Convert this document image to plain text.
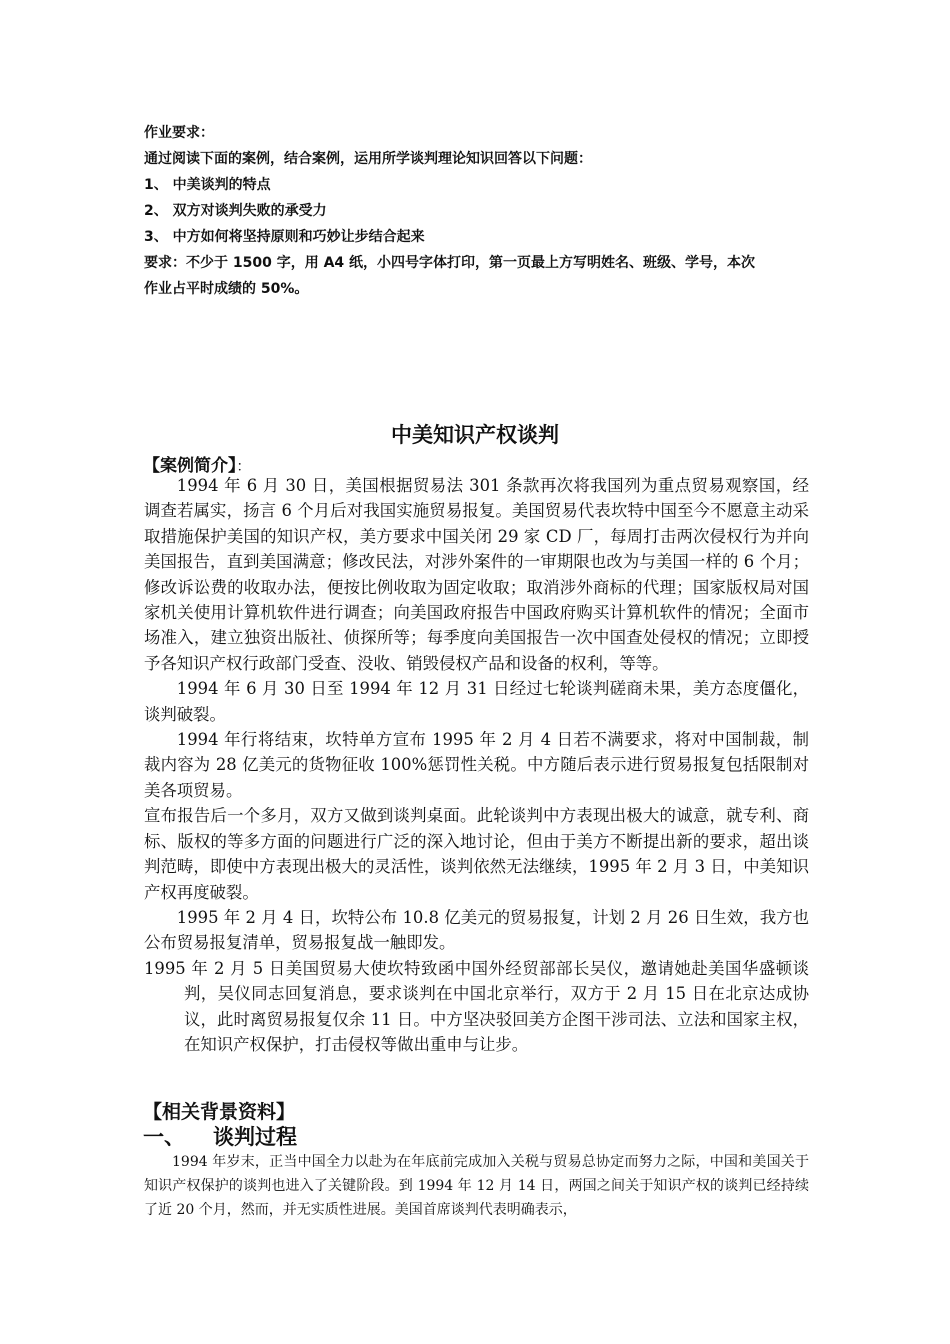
作业要求：
通过阅读下面的案例，结合案例，运用所学谈判理论知识回答以下问题：
1、 中美谈判的特点
2、 双方对谈判失败的承受力
3、 中方如何将坚持原则和巧妙让步结合起来
要求：不少于 1500 字，用 A4 纸，小四号字体打印，第一页最上方写明姓名、班级、学号，本次
作业占平时成绩的 50%。
中美知识产权谈判
【案例简介】：

1994 年 6 月 30 日，美国根据贸易法 301 条款再次将我国列为重点贸易观察国，经调查若属实，扬言 6 个月后对我国实施贸易报复。美国贸易代表坎特中国至今不愿意主动采取措施保护美国的知识产权，美方要求中国关闭 29 家 CD 厂，每周打击两次侵权行为并向美国报告，直到美国满意；修改民法，对涉外案件的一审期限也改为与美国一样的 6 个月；修改诉讼费的收取办法，便按比例收取为固定收取；取消涉外商标的代理；国家版权局对国家机关使用计算机软件进行调查；向美国政府报告中国政府购买计算机软件的情况；全面市场准入，建立独资出版社、侦探所等；每季度向美国报告一次中国查处侵权的情况；立即授予各知识产权行政部门受查、没收、销毁侵权产品和设备的权利，等等。

1994 年 6 月 30 日至 1994 年 12 月 31 日经过七轮谈判磋商未果，美方态度僵化，谈判破裂。

1994 年行将结束，坎特单方宣布 1995 年 2 月 4 日若不满要求，将对中国制裁，制裁内容为 28 亿美元的货物征收 100%惩罚性关税。中方随后表示进行贸易报复包括限制对美各项贸易。

宣布报告后一个多月，双方又做到谈判桌面。此轮谈判中方表现出极大的诚意，就专利、商标、版权的等多方面的问题进行广泛的深入地讨论，但由于美方不断提出新的要求，超出谈判范畴，即使中方表现出极大的灵活性，谈判依然无法继续，1995 年 2 月 3 日，中美知识产权再度破裂。

1995 年 2 月 4 日，坎特公布 10.8 亿美元的贸易报复，计划 2 月 26 日生效，我方也公布贸易报复清单，贸易报复战一触即发。

1995 年 2 月 5 日美国贸易大使坎特致函中国外经贸部部长吴仪，邀请她赴美国华盛顿谈判，吴仪同志回复消息，要求谈判在中国北京举行，双方于 2 月 15 日在北京达成协议，此时离贸易报复仅余 11 日。中方坚决驳回美方企图干涉司法、立法和国家主权，在知识产权保护，打击侵权等做出重申与让步。

【相关背景资料】
一、 谈判过程
1994 年岁末，正当中国全力以赴为在年底前完成加入关税与贸易总协定而努力之际，中国和美国关于知识产权保护的谈判也进入了关键阶段。到 1994 年 12 月 14 日，两国之间关于知识产权的谈判已经持续了近 20 个月，然而，并无实质性进展。美国首席谈判代表明确表示，
